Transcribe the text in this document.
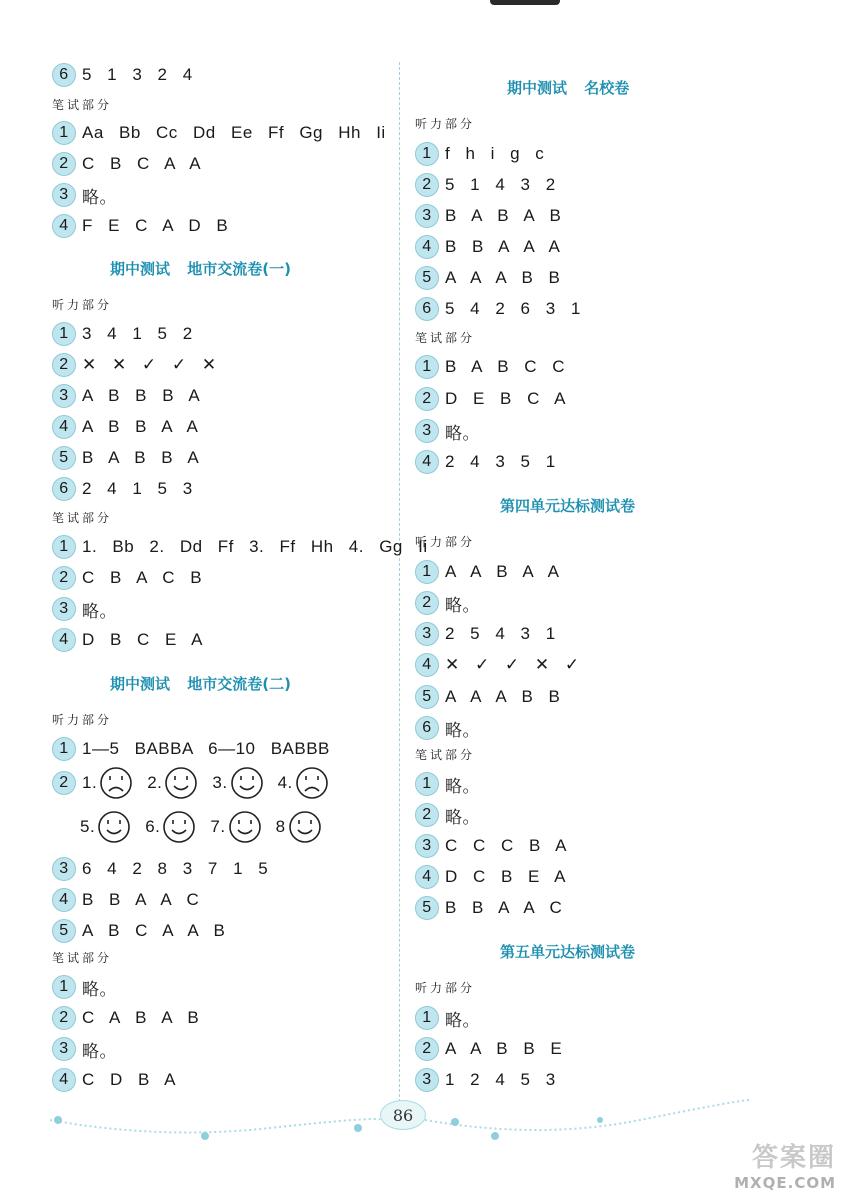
6 5 1 3 2 4
笔试部分
1 Aa Bb Cc Dd Ee Ff Gg Hh Ii
2 C B C A A
3 略。
4 F E C A D B
期中测试 地市交流卷(一)
听力部分
1 3 4 1 5 2
2 ✕ ✕ ✓ ✓ ✕
3 A B B B A
4 A B B A A
5 B A B B A
6 2 4 1 5 3
笔试部分
1 1. Bb 2. Dd Ff 3. Ff Hh 4. Gg Ii
2 C B A C B
3 略。
4 D B C E A
期中测试 地市交流卷(二)
听力部分
1 1—5 BABBA 6—10 BABBB
2 1.	2.	3.	4.
5.	6.	7.	8
3 6 4 2 8 3 7 1 5
4 B B A A C
5 A B C A A B
笔试部分
1 略。
2 C A B A B
3 略。
4 C D B A
期中测试 名校卷
听力部分
1 f h i g c
2 5 1 4 3 2
3 B A B A B
4 B B A A A
5 A A A B B
6 5 4 2 6 3 1
笔试部分
1 B A B C C
2 D E B C A
3 略。
4 2 4 3 5 1
第四单元达标测试卷
听力部分
1 A A B A A
2 略。
3 2 5 4 3 1
4 ✕ ✓ ✓ ✕ ✓
5 A A A B B
6 略。
笔试部分
1 略。
2 略。
3 C C C B A
4 D C B E A
5 B B A A C
第五单元达标测试卷
听力部分
1 略。
2 A A B B E
3 1 2 4 5 3
86
答案圈
MXQE.COM
